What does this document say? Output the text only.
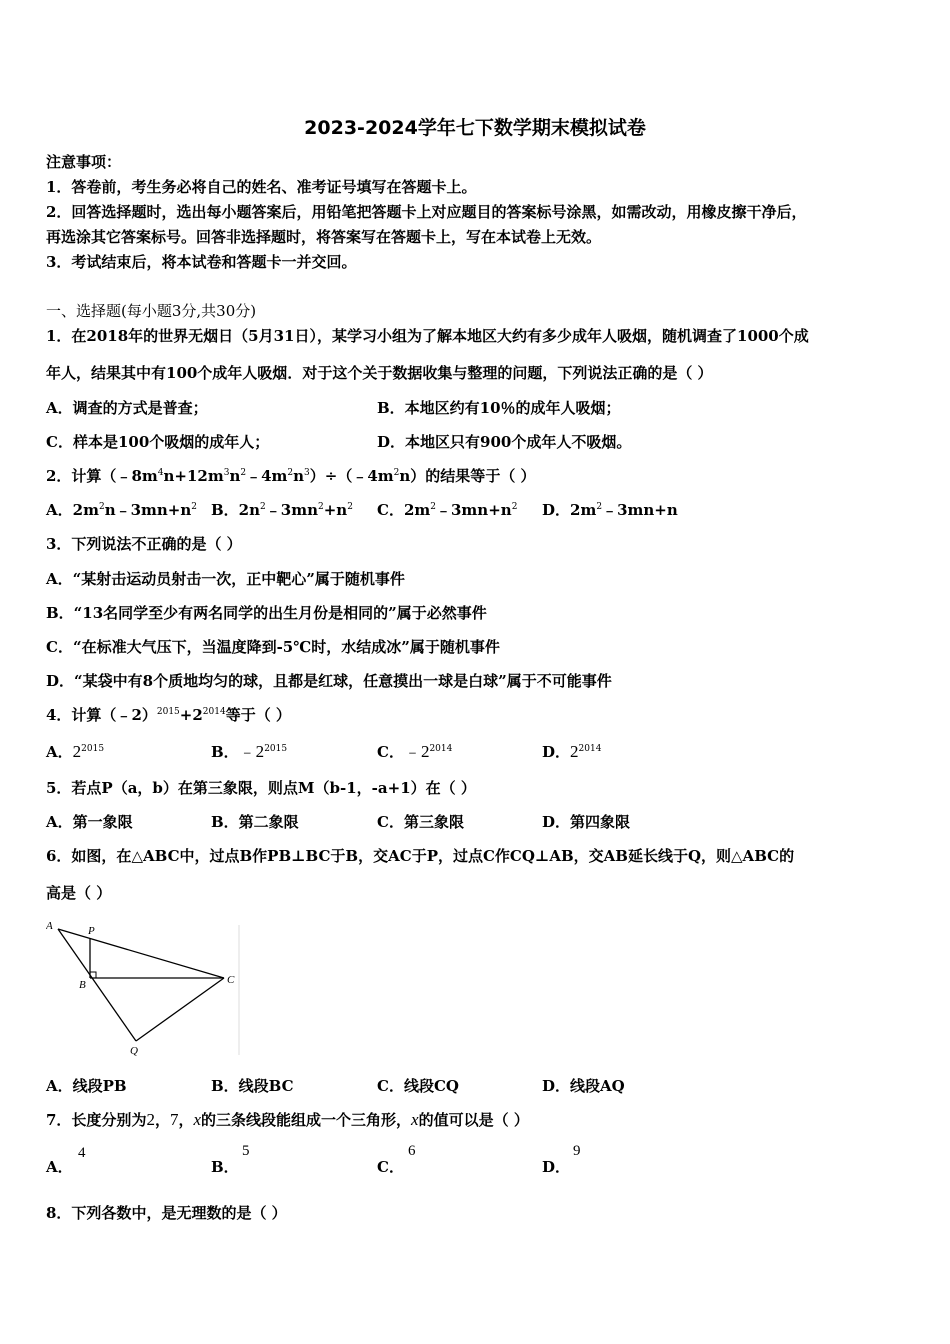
2023-2024学年七下数学期末模拟试卷
注意事项：
1．答卷前，考生务必将自己的姓名、准考证号填写在答题卡上。
2．回答选择题时，选出每小题答案后，用铅笔把答题卡上对应题目的答案标号涂黑，如需改动，用橡皮擦干净后，
再选涂其它答案标号。回答非选择题时，将答案写在答题卡上，写在本试卷上无效。
3．考试结束后，将本试卷和答题卡一并交回。
一、选择题(每小题3分,共30分)
1．在2018年的世界无烟日（5月31日），某学习小组为了解本地区大约有多少成年人吸烟，随机调查了1000个成
年人，结果其中有100个成年人吸烟．对于这个关于数据收集与整理的问题，下列说法正确的是（ ）
A．调查的方式是普查；	B．本地区约有10％的成年人吸烟；
C．样本是100个吸烟的成年人；	D．本地区只有900个成年人不吸烟。
2．计算$(﹣8m^4n+12m^3n^2﹣4m^2n^3)\div(﹣4m^2n)$的结果等于（ ）
A．$2m^2n﹣3mn+n^2$ B．$2n^2﹣3mn^2+n^2$ C．$2m^2﹣3mn+n^2$ D．$2m^2﹣3mn+n$
3．下列说法不正确的是（ ）
A．“某射击运动员射击一次，正中靶心”属于随机事件
B．“13名同学至少有两名同学的出生月份是相同的”属于必然事件
C．“在标准大气压下，当温度降到-5℃时，水结成冰”属于随机事件
D．“某袋中有8个质地均匀的球，且都是红球，任意摸出一球是白球”属于不可能事件
4．计算$(﹣2)^{2015}+2^{2014}$等于（ ）
A．$2^{2015}$	B．$﹣2^{2015}$	C．$﹣2^{2014}$	D．$2^{2014}$
5．若点P（a，b）在第三象限，则点M（b-1，-a+1）在（ ）
A．第一象限	B．第二象限	C．第三象限	D．第四象限
6．如图，在△ABC中，过点B作PB⊥BC于B，交AC于P，过点C作CQ⊥AB，交AB延长线于Q，则△ABC的
高是（ ）
A	P
B	C
Q
A．线段PB	B．线段BC	C．线段CQ	D．线段AQ
7．长度分别为2，7，x的三条线段能组成一个三角形，x的值可以是（ ）
A．
4
B．
5
C．
6
D．
9
8．下列各数中，是无理数的是（ ）
